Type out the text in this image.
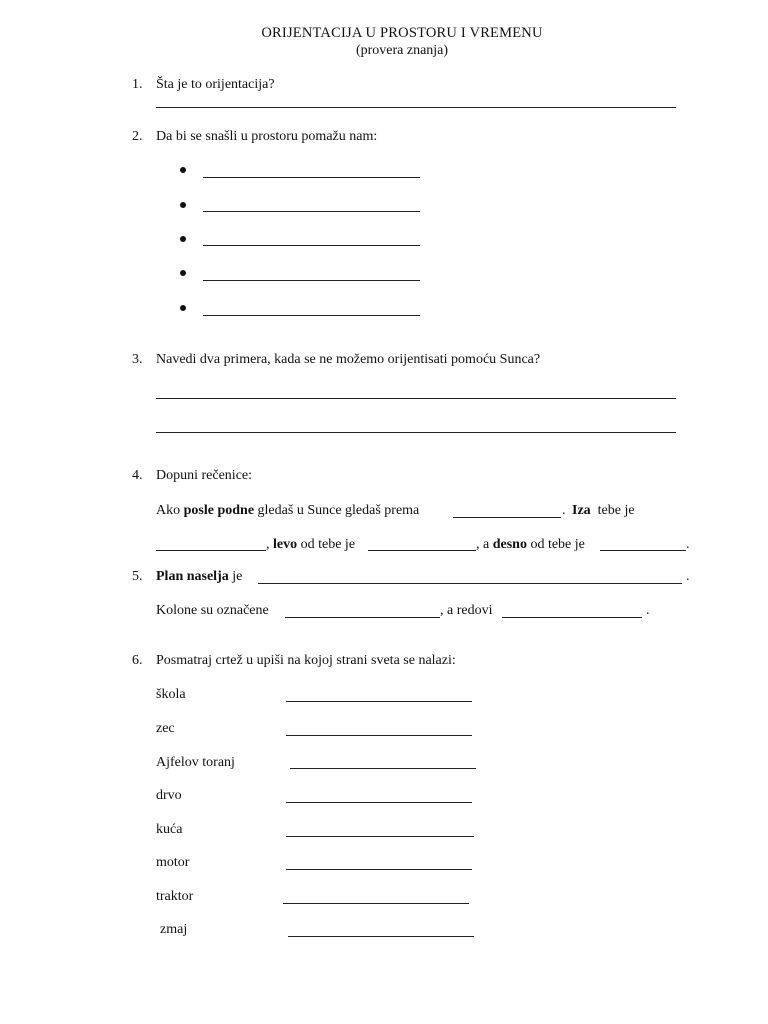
ORIJENTACIJA U PROSTORU I VREMENU
(provera znanja)
1. Šta je to orijentacija?
2. Da bi se snašli u prostoru pomažu nam:
3. Navedi dva primera, kada se ne možemo orijentisati pomoću Sunca?
4. Dopuni rečenice:
Ako posle podne gledaš u Sunce gledaš prema	. Iza tebe je
, levo od tebe je	, a desno od tebe je	.
5. Plan naselja je	.
Kolone su označene	, a redovi	.
6. Posmatraj crtež u upiši na kojoj strani sveta se nalazi:
škola
zec
Ajfelov toranj
drvo
kuća
motor
traktor
zmaj
